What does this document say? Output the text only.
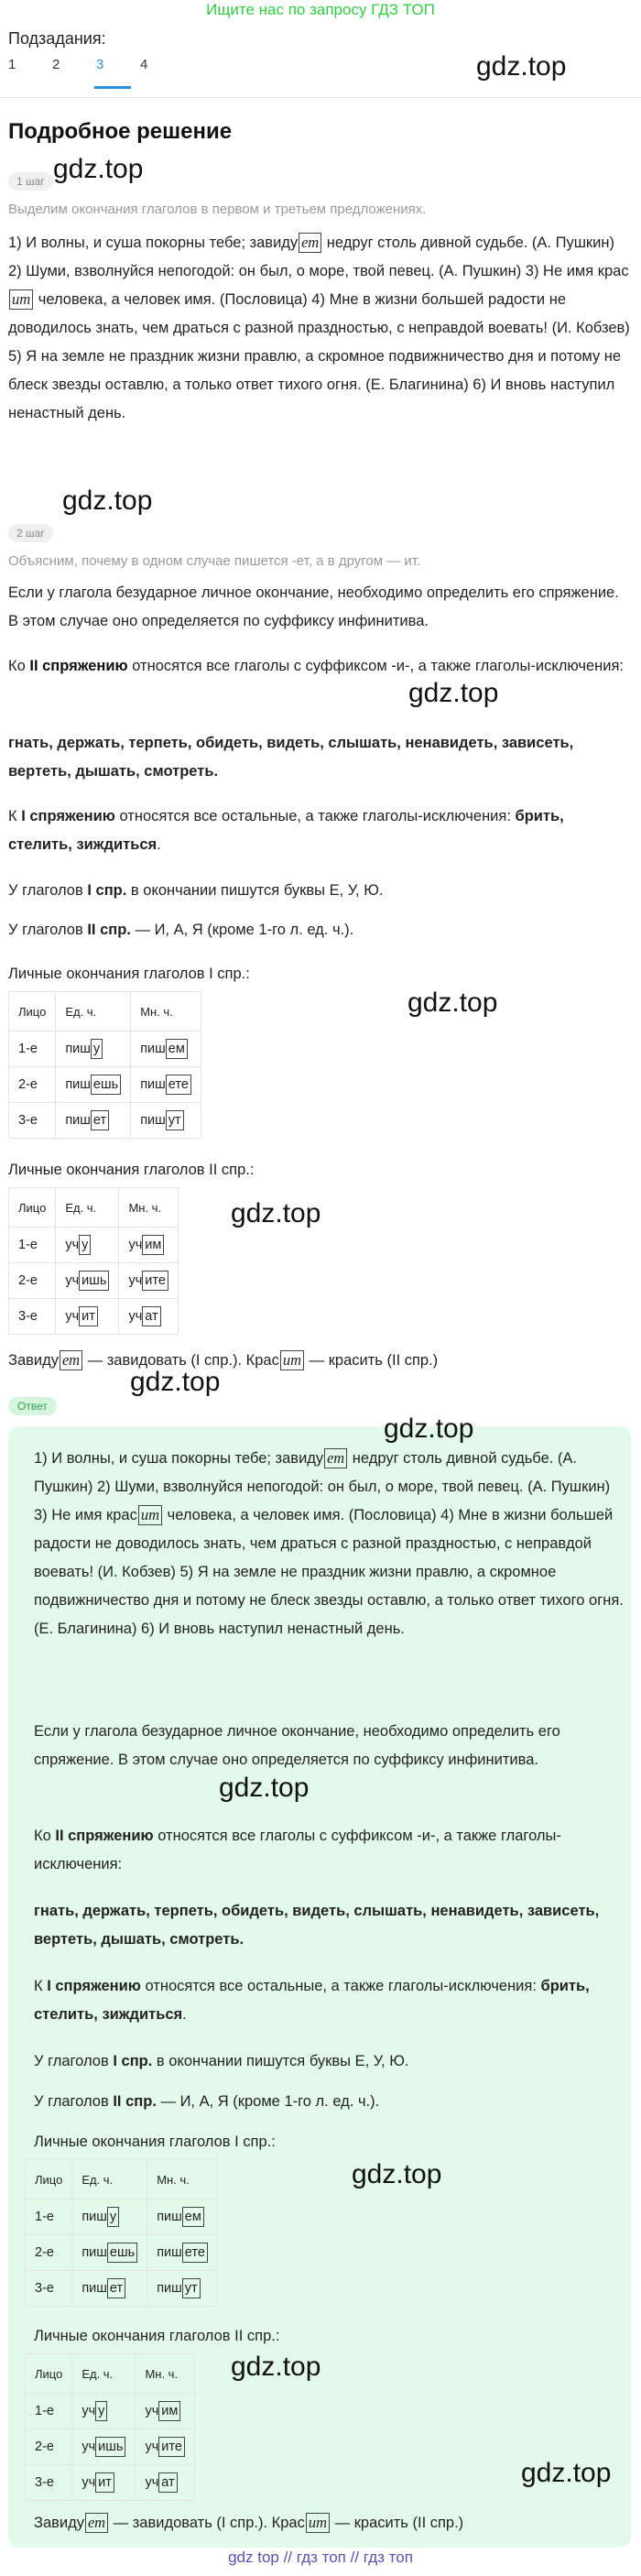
Ищите нас по запросу ГДЗ ТОП
Подзадания:
1	2	3	4	gdz.top
Подробное решение
1 шаг gdz.top
Выделим окончания глаголов в первом и третьем предложениях.

1) И волны, и суша покорны тебе; завиду ет недруг столь дивной судьбе. (А. Пушкин) 2) Шуми, взволнуйся непогодой: он был, о море, твой певец. (А. Пушкин) 3) Не имя красит человека, а человек имя. (Пословица) 4) Мне в жизни большей радости не доводилось знать, чем драться с разной праздностью, с неправдой воевать! (И. Кобзев) 5) Я на земле не праздник жизни правлю, а скромное подвижничество дня и потому не блеск звезды оставлю, а только ответ тихого огня. (Е. Благинина) 6) И вновь наступил ненастный день.

gdz.top
2 шаг
Объясним, почему в одном случае пишется -ет, а в другом — ит.

Если у глагола безударное личное окончание, необходимо определить его спряжение. В этом случае оно определяется по суффиксу инфинитива.

Ко II спряжению относятся все глаголы с суффиксом -и-, а также глаголы-исключения:

gdz.top

гнать, держать, терпеть, обидеть, видеть, слышать, ненавидеть, зависеть, вертеть, дышать, смотреть.

К I спряжению относятся все остальные, а также глаголы-исключения: брить, стелить, зиждиться.

У глаголов I спр. в окончании пишутся буквы Е, У, Ю.

У глаголов II спр. — И, А, Я (кроме 1-го л. ед. ч.).

Личные окончания глаголов I спр.:

gdz.top
Лицо	Ед. ч.	Мн. ч.
1-е	пиш у	пиш ем
2-е	пиш ешь	пиш ете
3-е	пиш ет	пиш ут

Личные окончания глаголов II спр.:

gdz.top
Лицо	Ед. ч.	Мн. ч.
1-е	уч у	уч им
2-е	уч ишь	уч ите
3-е	уч ит	уч ат

Завиду ет — завидовать (I спр.). Крас ит — красить (II спр.)

gdz.top
Ответ
gdz.top

1) И волны, и суша покорны тебе; завиду ет недруг столь дивной судьбе. (А. Пушкин) 2) Шуми, взволнуйся непогодой: он был, о море, твой певец. (А. Пушкин) 3) Не имя крас ит человека, а человек имя. (Пословица) 4) Мне в жизни большей радости не доводилось знать, чем драться с разной праздностью, с неправдой воевать! (И. Кобзев) 5) Я на земле не праздник жизни правлю, а скромное подвижничество дня и потому не блеск звезды оставлю, а только ответ тихого огня. (Е. Благинина) 6) И вновь наступил ненастный день.

Если у глагола безударное личное окончание, необходимо определить его спряжение. В этом случае оно определяется по суффиксу инфинитива.

gdz.top

Ко II спряжению относятся все глаголы с суффиксом -и-, а также глаголы-исключения:

гнать, держать, терпеть, обидеть, видеть, слышать, ненавидеть, зависеть, вертеть, дышать, смотреть.

К I спряжению относятся все остальные, а также глаголы-исключения: брить, стелить, зиждиться.

У глаголов I спр. в окончании пишутся буквы Е, У, Ю.

У глаголов II спр. — И, А, Я (кроме 1-го л. ед. ч.).

Личные окончания глаголов I спр.:

gdz.top
Лицо	Ед. ч.	Мн. ч.
1-е	пиш у	пиш ем
2-е	пиш ешь	пиш ете
3-е	пиш ет	пиш ут

Личные окончания глаголов II спр.:

gdz.top
Лицо	Ед. ч.	Мн. ч.
1-е	уч у	уч им
2-е	уч ишь	уч ите
3-е	уч ит	уч ат	gdz.top

Завиду ет — завидовать (I спр.). Крас ит — красить (II спр.)

gdz top // гдз топ // гдз топ
